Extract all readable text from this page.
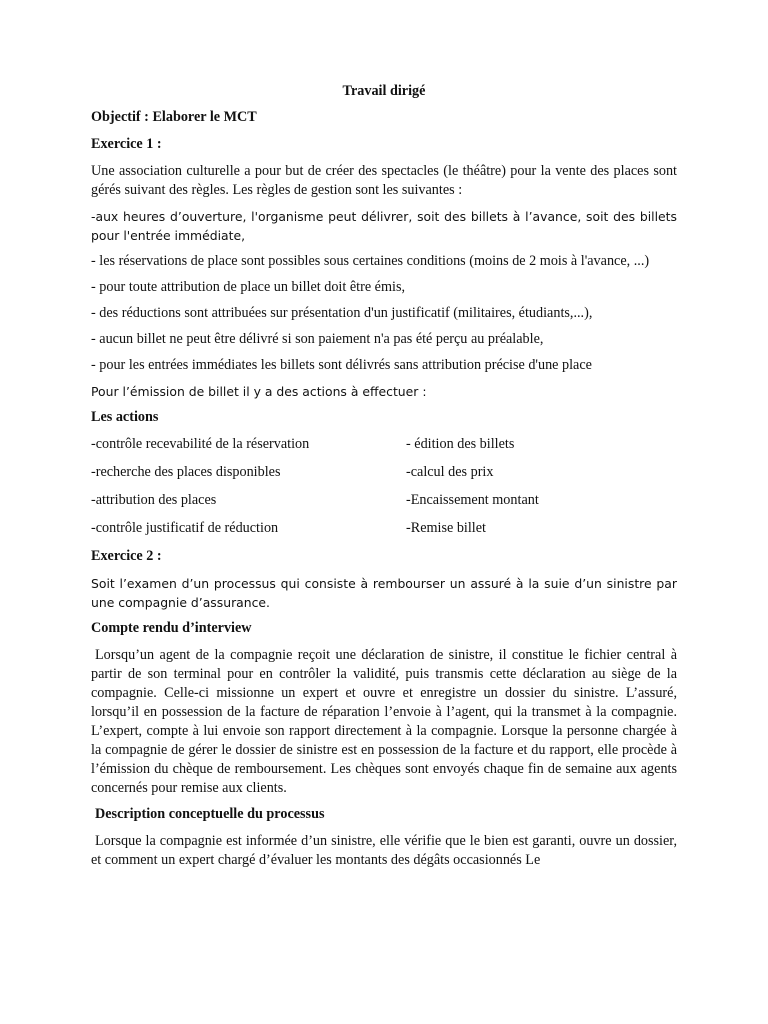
Travail dirigé
Objectif : Elaborer le MCT
Exercice 1 :

Une association culturelle a pour but de créer des spectacles (le théâtre) pour la vente des places sont gérés suivant des règles. Les règles de gestion sont les suivantes :

-aux heures d’ouverture, l'organisme peut délivrer, soit des billets à l’avance, soit des billets pour l'entrée immédiate,

- les réservations de place sont possibles sous certaines conditions (moins de 2 mois à l'avance, ...)

- pour toute attribution de place un billet doit être émis,

- des réductions sont attribuées sur présentation d'un justificatif (militaires, étudiants,...),

- aucun billet ne peut être délivré si son paiement n'a pas été perçu au préalable,

- pour les entrées immédiates les billets sont délivrés sans attribution précise d'une place

Pour l’émission de billet il y a des actions à effectuer :

Les actions
-contrôle recevabilité de la réservation	- édition des billets
-recherche des places disponibles	-calcul des prix
-attribution des places	-Encaissement montant
-contrôle justificatif de réduction	-Remise billet
Exercice 2 :

Soit l’examen d’un processus qui consiste à rembourser un assuré à la suie d’un sinistre par une compagnie d’assurance.

Compte rendu d’interview

Lorsqu’un agent de la compagnie reçoit une déclaration de sinistre, il constitue le fichier central à partir de son terminal pour en contrôler la validité, puis transmis cette déclaration au siège de la compagnie. Celle-ci missionne un expert et ouvre et enregistre un dossier du sinistre. L’assuré, lorsqu’il en possession de la facture de réparation l’envoie à l’agent, qui la transmet à la compagnie. L’expert, compte à lui envoie son rapport directement à la compagnie. Lorsque la personne chargée à la compagnie de gérer le dossier de sinistre est en possession de la facture et du rapport, elle procède à l’émission du chèque de remboursement. Les chèques sont envoyés chaque fin de semaine aux agents concernés pour remise aux clients.

Description conceptuelle du processus

Lorsque la compagnie est informée d’un sinistre, elle vérifie que le bien est garanti, ouvre un dossier, et comment un expert chargé d’évaluer les montants des dégâts occasionnés Le
